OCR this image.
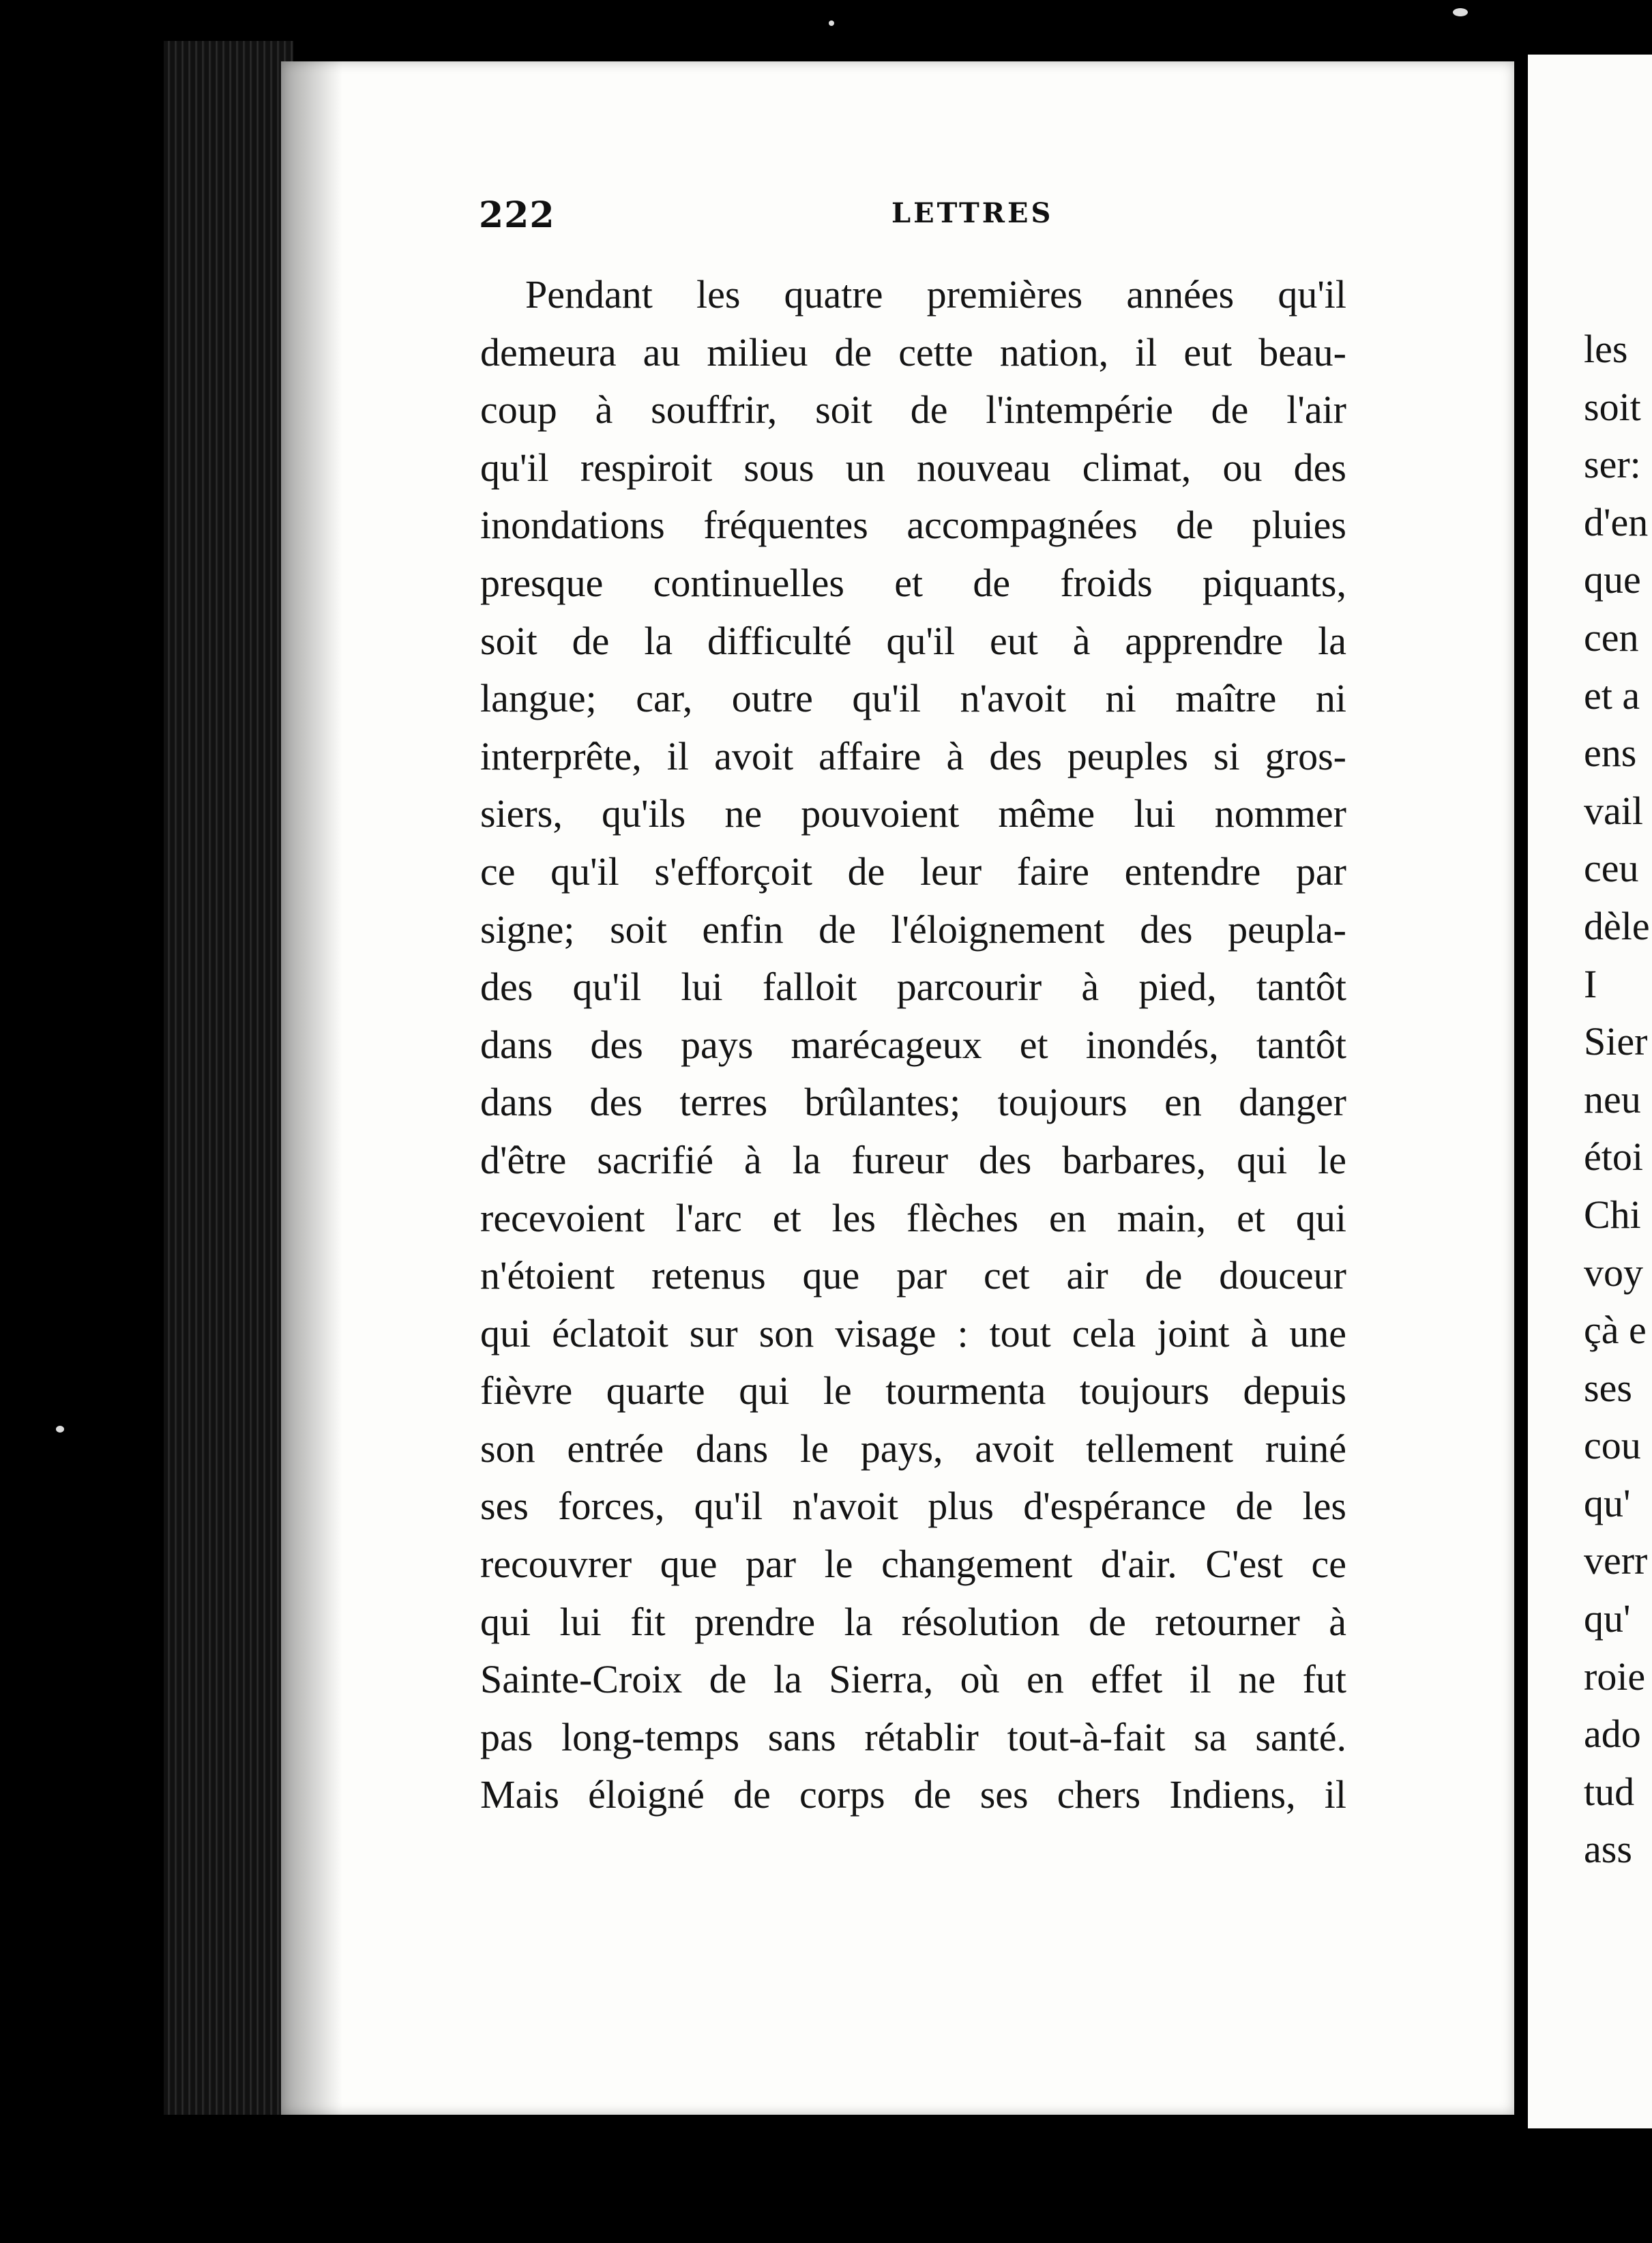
222	LETTRES
Pendant les quatre premières années qu'il
demeura au milieu de cette nation, il eut beau-
coup à souffrir, soit de l'intempérie de l'air
qu'il respiroit sous un nouveau climat, ou des
inondations fréquentes accompagnées de pluies
presque continuelles et de froids piquants,
soit de la difficulté qu'il eut à apprendre la
langue; car, outre qu'il n'avoit ni maître ni
interprête, il avoit affaire à des peuples si gros-
siers, qu'ils ne pouvoient même lui nommer
ce qu'il s'efforçoit de leur faire entendre par
signe; soit enfin de l'éloignement des peupla-
des qu'il lui falloit parcourir à pied, tantôt
dans des pays marécageux et inondés, tantôt
dans des terres brûlantes; toujours en danger
d'être sacrifié à la fureur des barbares, qui le
recevoient l'arc et les flèches en main, et qui
n'étoient retenus que par cet air de douceur
qui éclatoit sur son visage : tout cela joint à une
fièvre quarte qui le tourmenta toujours depuis
son entrée dans le pays, avoit tellement ruiné
ses forces, qu'il n'avoit plus d'espérance de les
recouvrer que par le changement d'air. C'est ce
qui lui fit prendre la résolution de retourner à
Sainte-Croix de la Sierra, où en effet il ne fut
pas long-temps sans rétablir tout-à-fait sa santé.
Mais éloigné de corps de ses chers Indiens, il
les
soit
ser:
d'en
que
cen
et a
ens
vail
ceu
dèle
I
Sier
neu
étoi
Chi
voy
çà e
ses
cou
qu'
verr
qu'
roie
ado
tud
ass
